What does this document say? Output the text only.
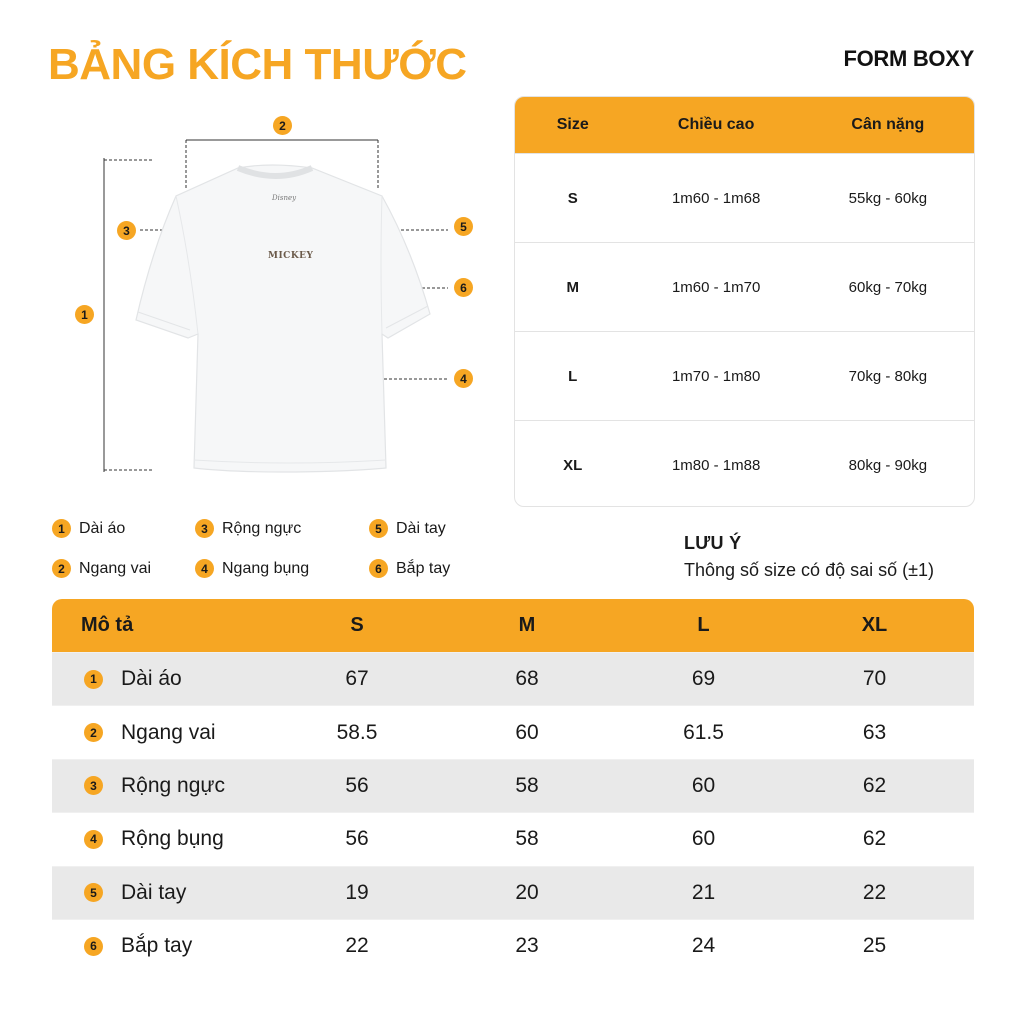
BẢNG KÍCH THƯỚC	FORM BOXY
Disney
MICKEY
2
3	5
6
1
4
Size	Chiều cao	Cân nặng
S	1m60 - 1m68	55kg - 60kg
M	1m60 - 1m70	60kg - 70kg
L	1m70 - 1m80	70kg - 80kg
XL	1m80 - 1m88	80kg - 90kg
1 Dài áo	3 Rộng ngực	5 Dài tay
2 Ngang vai	4 Ngang bụng	6 Bắp tay
LƯU Ý
Thông số size có độ sai số (±1)
Mô tả	S	M	L	XL
1 Dài áo	67	68	69	70
2 Ngang vai	58.5	60	61.5	63
3 Rộng ngực	56	58	60	62
4 Rộng bụng	56	58	60	62
5 Dài tay	19	20	21	22
6 Bắp tay	22	23	24	25
